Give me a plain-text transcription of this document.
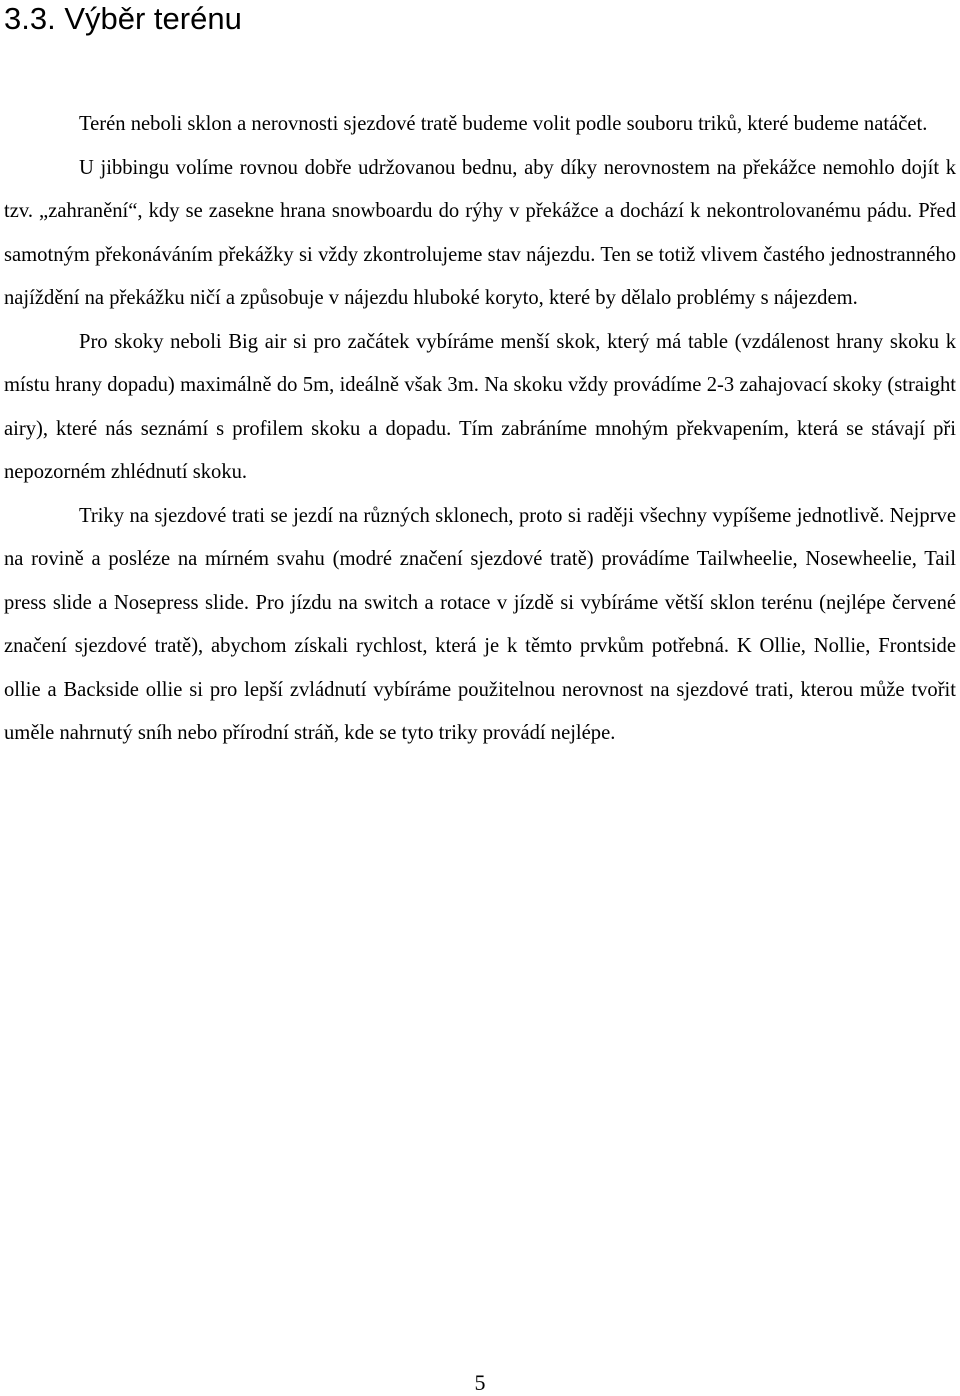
3.3. Výběr terénu

Terén neboli sklon a nerovnosti sjezdové tratě budeme volit podle souboru triků, které budeme natáčet.

U jibbingu volíme rovnou dobře udržovanou bednu, aby díky nerovnostem na překážce nemohlo dojít k tzv. „zahranění“, kdy se zasekne hrana snowboardu do rýhy v překážce a dochází k nekontrolovanému pádu. Před samotným překonáváním překážky si vždy zkontrolujeme stav nájezdu. Ten se totiž vlivem častého jednostranného najíždění na překážku ničí a způsobuje v nájezdu hluboké koryto, které by dělalo problémy s nájezdem.

Pro skoky neboli Big air si pro začátek vybíráme menší skok, který má table (vzdálenost hrany skoku k místu hrany dopadu) maximálně do 5m, ideálně však 3m. Na skoku vždy provádíme 2-3 zahajovací skoky (straight airy), které nás seznámí s profilem skoku a dopadu. Tím zabráníme mnohým překvapením, která se stávají při nepozorném zhlédnutí skoku.

Triky na sjezdové trati se jezdí na různých sklonech, proto si raději všechny vypíšeme jednotlivě. Nejprve na rovině a posléze na mírném svahu (modré značení sjezdové tratě) provádíme Tailwheelie, Nosewheelie, Tail press slide a Nosepress slide. Pro jízdu na switch a rotace v jízdě si vybíráme větší sklon terénu (nejlépe červené značení sjezdové tratě), abychom získali rychlost, která je k těmto prvkům potřebná. K Ollie, Nollie, Frontside ollie a Backside ollie si pro lepší zvládnutí vybíráme použitelnou nerovnost na sjezdové trati, kterou může tvořit uměle nahrnutý sníh nebo přírodní stráň, kde se tyto triky provádí nejlépe.

5
